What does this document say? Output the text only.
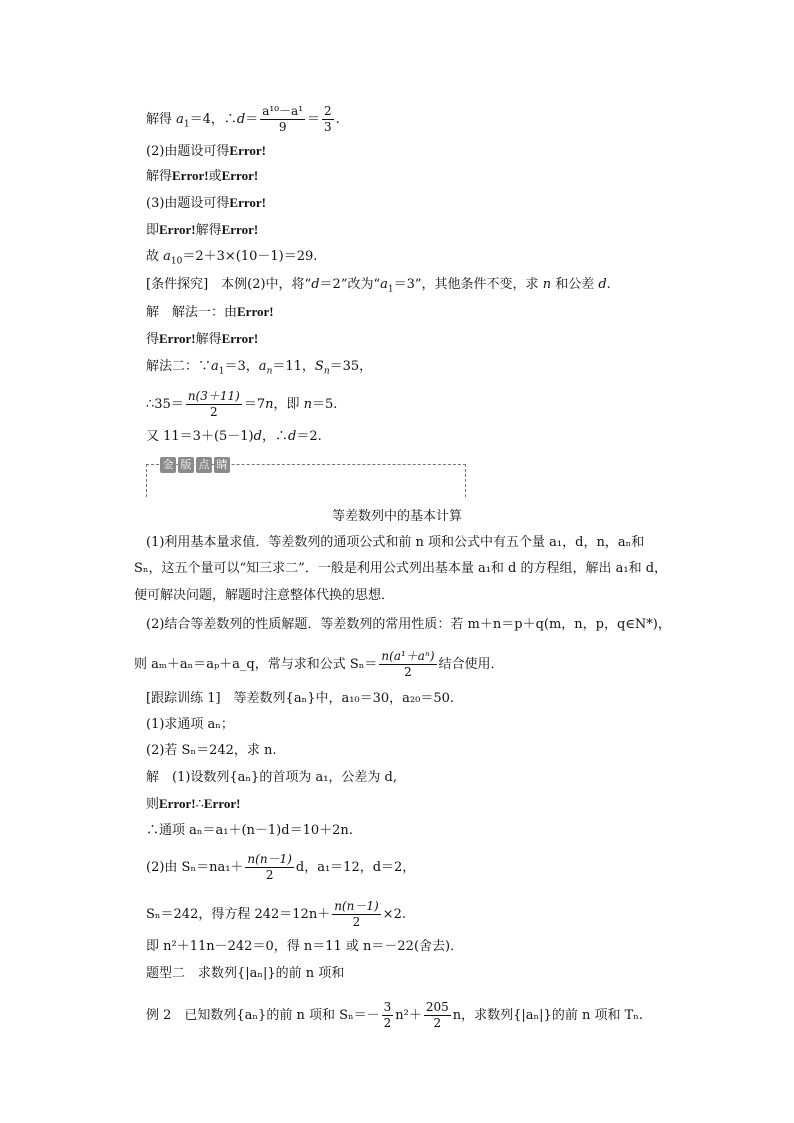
解得 $a_1=4$，∴d＝ $\frac{\text{a¹⁰－a¹}}{9} = \frac{2}{3}$ .
(2)由题设可得Error!
解得Error!或Error!
(3)由题设可得Error!
即Error!解得Error!
故 $a_{10}=2+3\times(10-1)=29$.
[条件探究]　本例(2)中，将“d＝2”改为“$a_1=3$”，其他条件不变，求 n 和公差 d.
解　解法一：由Error!
得Error!解得Error!
解法二：$\because a_1=3$，$a_n=11$，$S_n=35$，
∴35＝ $\frac{n(3+11)}{2} =7n$，即 n＝5.
又 11＝3＋(5－1)d，∴d＝2.
金 版 点 睛
等差数列中的基本计算
(1)利用基本量求值．等差数列的通项公式和前 n 项和公式中有五个量 a₁，d，n，aₙ和
Sₙ，这五个量可以“知三求二”．一般是利用公式列出基本量 a₁和 d 的方程组，解出 a₁和 d，
便可解决问题，解题时注意整体代换的思想．
(2)结合等差数列的性质解题．等差数列的常用性质：若 m＋n＝p＋q(m，n，p，q∈N*)，
则 aₘ＋aₙ＝aₚ＋a_q，常与求和公式 $S_n= \frac{\text{n(a¹＋aⁿ)}}{2}$ 结合使用．
[跟踪训练 1]　等差数列{aₙ}中，a₁₀＝30，a₂₀＝50.
(1)求通项 aₙ；
(2)若 Sₙ＝242，求 n.
解　(1)设数列{aₙ}的首项为 a₁，公差为 d,
则Error!∴Error!
∴通项 aₙ＝a₁＋(n－1)d＝10＋2n.
(2)由 $S_n=na_1+ \frac{n(n-1)}{2}$ d，a₁＝12，d＝2，
Sₙ＝242，得方程 $242=12n+ \frac{n(n-1)}{2} \times 2$.
即 n²＋11n－242＝0，得 n＝11 或 n＝－22(舍去)．
题型二　求数列{|aₙ|}的前 n 项和
例 2　已知数列{aₙ}的前 n 项和 $S_n=- \frac{3}{2} n^2+ \frac{205}{2}$ n，求数列{|aₙ|}的前 n 项和 Tₙ.
